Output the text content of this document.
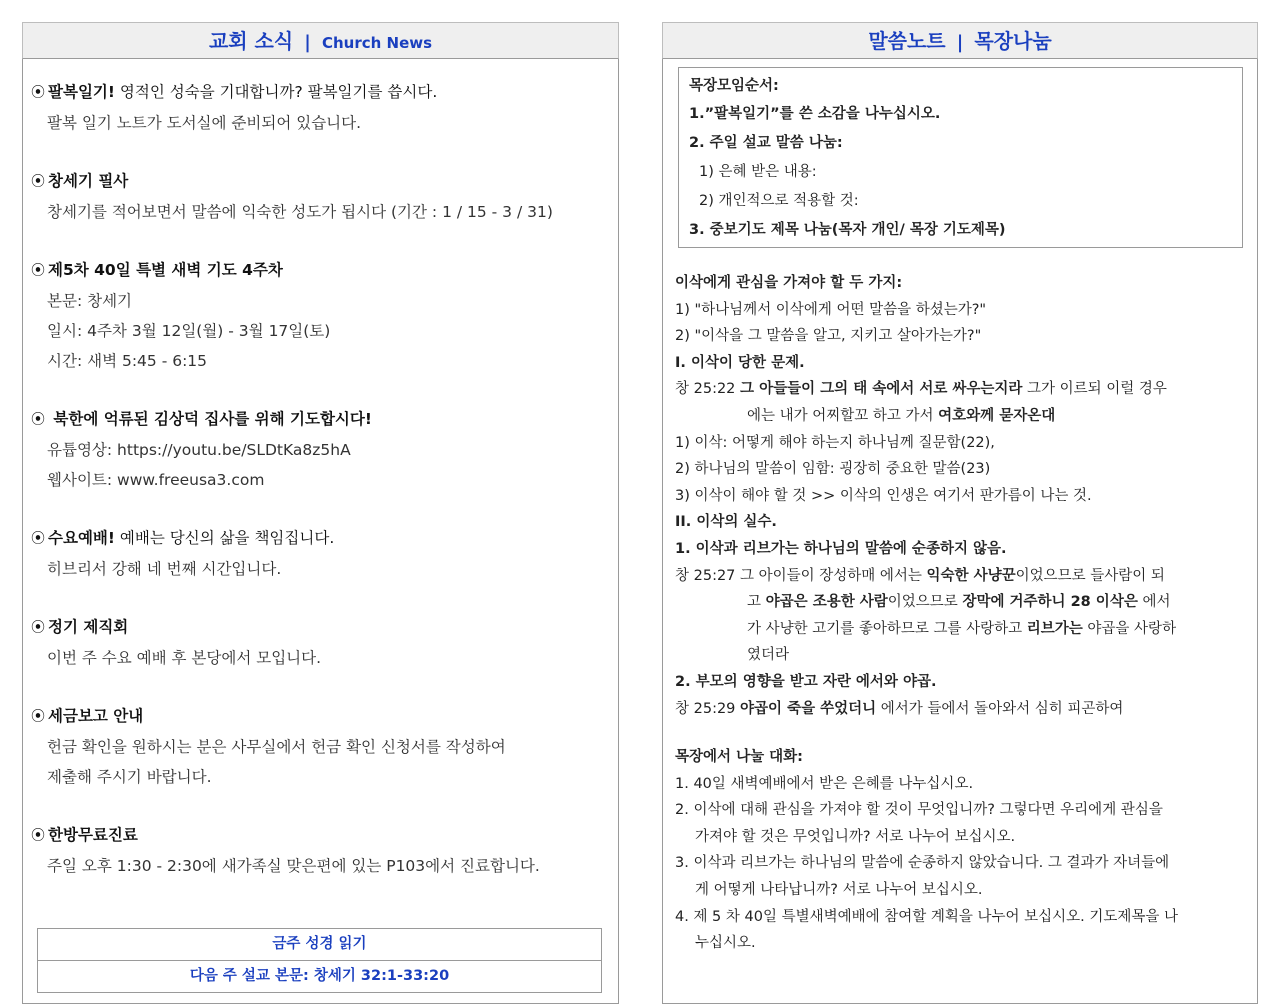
교회 소식 | Church News
⦿ 팔복일기! 영적인 성숙을 기대합니까? 팔복일기를 씁시다.
팔복 일기 노트가 도서실에 준비되어 있습니다.
⦿ 창세기 필사
창세기를 적어보면서 말씀에 익숙한 성도가 됩시다 (기간 : 1 / 15 - 3 / 31)
⦿ 제5차 40일 특별 새벽 기도 4주차
본문: 창세기
일시: 4주차 3월 12일(월) - 3월 17일(토)
시간: 새벽 5:45 - 6:15
⦿ 북한에 억류된 김상덕 집사를 위해 기도합시다!
유튭영상: https://youtu.be/SLDtKa8z5hA
웹사이트: www.freeusa3.com
⦿ 수요예배! 예배는 당신의 삶을 책임집니다.
히브리서 강해 네 번째 시간입니다.
⦿ 정기 제직회
이번 주 수요 예배 후 본당에서 모입니다.
⦿ 세금보고 안내
헌금 확인을 원하시는 분은 사무실에서 헌금 확인 신청서를 작성하여
제출해 주시기 바랍니다.
⦿ 한방무료진료
주일 오후 1:30 - 2:30에 새가족실 맞은편에 있는 P103에서 진료합니다.
금주 성경 읽기
다음 주 설교 본문: 창세기 32:1-33:20
말씀노트 | 목장나눔
목장모임순서:
1.”팔복일기”를 쓴 소감을 나누십시오.
2. 주일 설교 말씀 나눔:
1) 은혜 받은 내용:
2) 개인적으로 적용할 것:
3. 중보기도 제목 나눔(목자 개인/ 목장 기도제목)
이삭에게 관심을 가져야 할 두 가지:
1) "하나님께서 이삭에게 어떤 말씀을 하셨는가?"
2) "이삭을 그 말씀을 알고, 지키고 살아가는가?"
I. 이삭이 당한 문제.
창 25:22 그 아들들이 그의 태 속에서 서로 싸우는지라 그가 이르되 이럴 경우
에는 내가 어찌할꼬 하고 가서 여호와께 묻자온대
1) 이삭: 어떻게 해야 하는지 하나님께 질문함(22),
2) 하나님의 말씀이 임함: 굉장히 중요한 말씀(23)
3) 이삭이 해야 할 것 >> 이삭의 인생은 여기서 판가름이 나는 것.
II. 이삭의 실수.
1. 이삭과 리브가는 하나님의 말씀에 순종하지 않음.
창 25:27 그 아이들이 장성하매 에서는 익숙한 사냥꾼이었으므로 들사람이 되
고 야곱은 조용한 사람이었으므로 장막에 거주하니 28 이삭은 에서
가 사냥한 고기를 좋아하므로 그를 사랑하고 리브가는 야곱을 사랑하
였더라
2. 부모의 영향을 받고 자란 에서와 야곱.
창 25:29 야곱이 죽을 쑤었더니 에서가 들에서 돌아와서 심히 피곤하여
목장에서 나눌 대화:
1. 40일 새벽예배에서 받은 은혜를 나누십시오.
2. 이삭에 대해 관심을 가져야 할 것이 무엇입니까? 그렇다면 우리에게 관심을
가져야 할 것은 무엇입니까? 서로 나누어 보십시오.
3. 이삭과 리브가는 하나님의 말씀에 순종하지 않았습니다. 그 결과가 자녀들에
게 어떻게 나타납니까? 서로 나누어 보십시오.
4. 제 5 차 40일 특별새벽예배에 참여할 계획을 나누어 보십시오. 기도제목을 나
누십시오.
